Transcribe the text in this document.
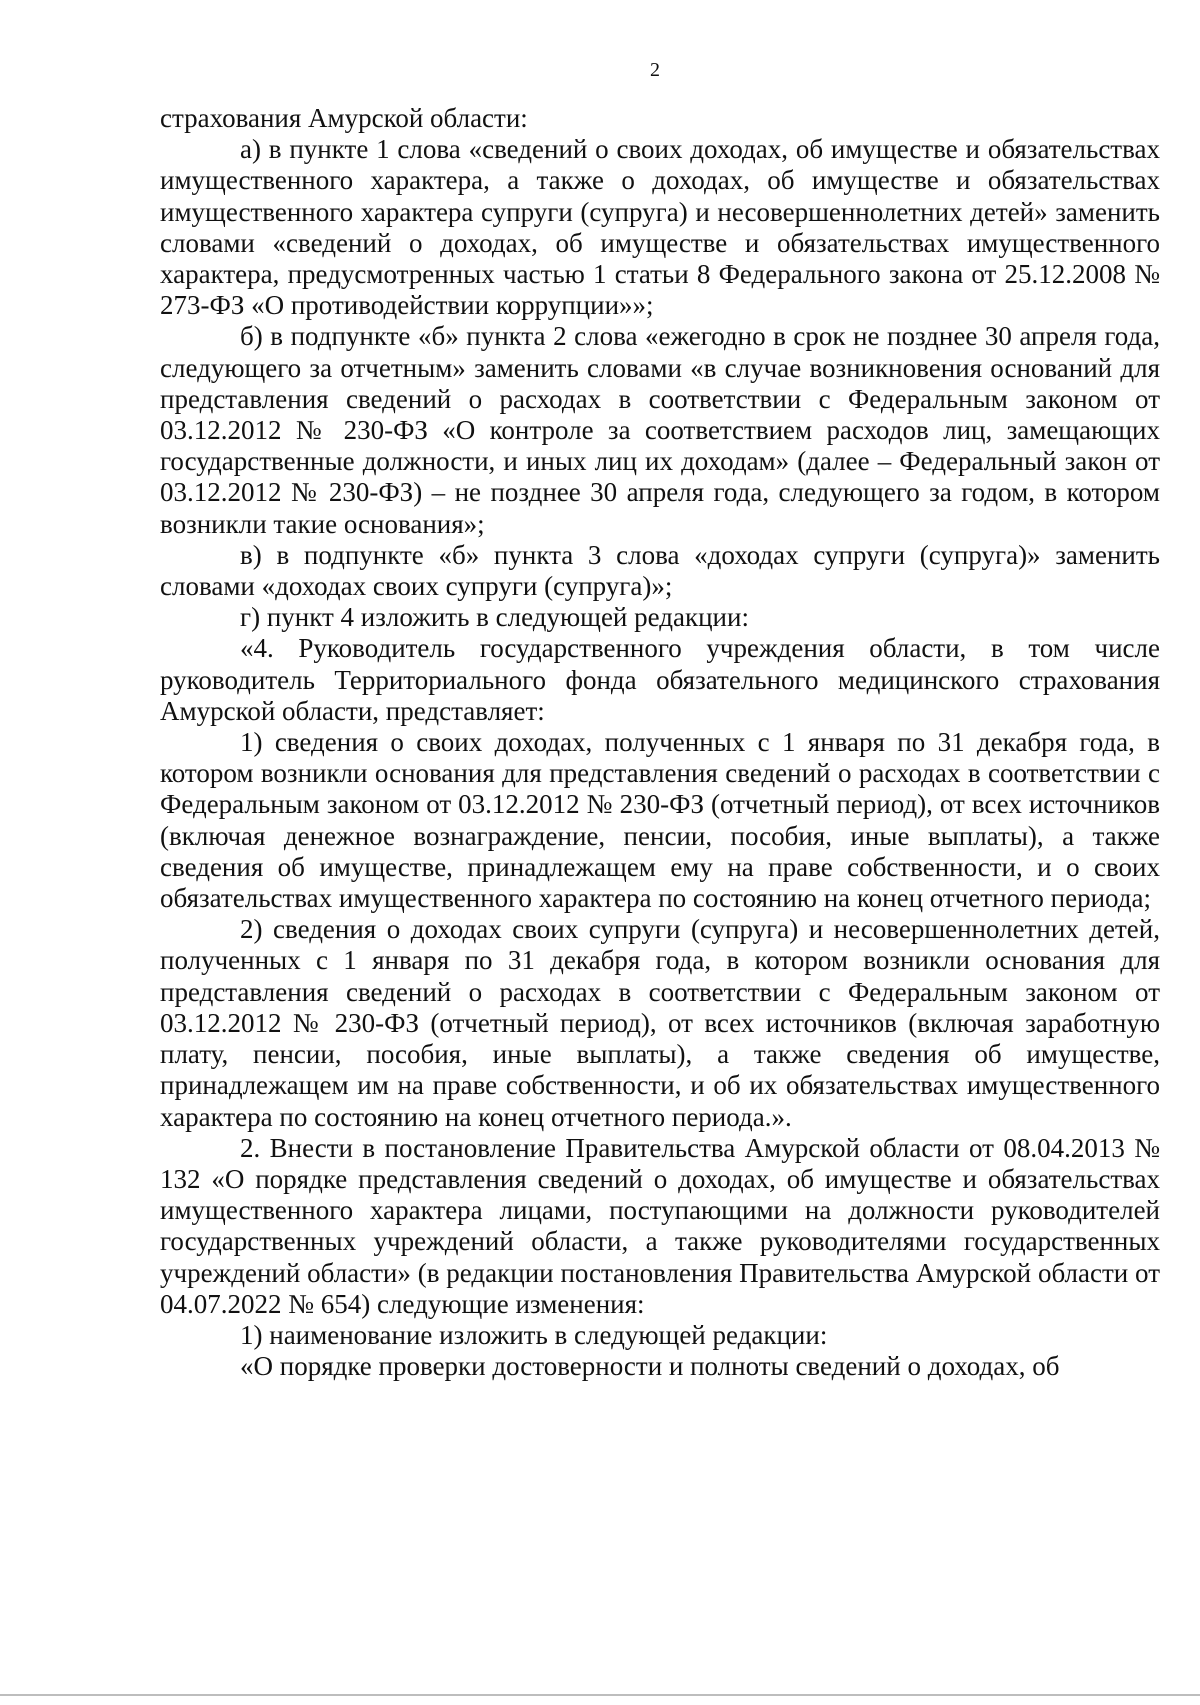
2

страхования Амурской области:

а) в пункте 1 слова «сведений о своих доходах, об имуществе и обязательствах имущественного характера, а также о доходах, об имуществе и обязательствах имущественного характера супруги (супруга) и несовершеннолетних детей» заменить словами «сведений о доходах, об имуществе и обязательствах имущественного характера, предусмотренных частью 1 статьи 8 Федерального закона от 25.12.2008 № 273-ФЗ «О противодействии коррупции»»;

б) в подпункте «б» пункта 2 слова «ежегодно в срок не позднее 30 апреля года, следующего за отчетным» заменить словами «в случае возникновения оснований для представления сведений о расходах в соответствии с Федеральным законом от 03.12.2012 № 230-ФЗ «О контроле за соответствием расходов лиц, замещающих государственные должности, и иных лиц их доходам» (далее – Федеральный закон от 03.12.2012 № 230-ФЗ) – не позднее 30 апреля года, следующего за годом, в котором возникли такие основания»;

в) в подпункте «б» пункта 3 слова «доходах супруги (супруга)» заменить словами «доходах своих супруги (супруга)»;

г) пункт 4 изложить в следующей редакции:

«4. Руководитель государственного учреждения области, в том числе руководитель Территориального фонда обязательного медицинского страхования Амурской области, представляет:

1) сведения о своих доходах, полученных с 1 января по 31 декабря года, в котором возникли основания для представления сведений о расходах в соответствии с Федеральным законом от 03.12.2012 № 230-ФЗ (отчетный период), от всех источников (включая денежное вознаграждение, пенсии, пособия, иные выплаты), а также сведения об имуществе, принадлежащем ему на праве собственности, и о своих обязательствах имущественного характера по состоянию на конец отчетного периода;

2) сведения о доходах своих супруги (супруга) и несовершеннолетних детей, полученных с 1 января по 31 декабря года, в котором возникли основания для представления сведений о расходах в соответствии с Федеральным законом от 03.12.2012 № 230-ФЗ (отчетный период), от всех источников (включая заработную плату, пенсии, пособия, иные выплаты), а также сведения об имуществе, принадлежащем им на праве собственности, и об их обязательствах имущественного характера по состоянию на конец отчетного периода.».

2. Внести в постановление Правительства Амурской области от 08.04.2013 № 132 «О порядке представления сведений о доходах, об имуществе и обязательствах имущественного характера лицами, поступающими на должности руководителей государственных учреждений области, а также руководителями государственных учреждений области» (в редакции постановления Правительства Амурской области от 04.07.2022 № 654) следующие изменения:

1) наименование изложить в следующей редакции:

«О порядке проверки достоверности и полноты сведений о доходах, об
